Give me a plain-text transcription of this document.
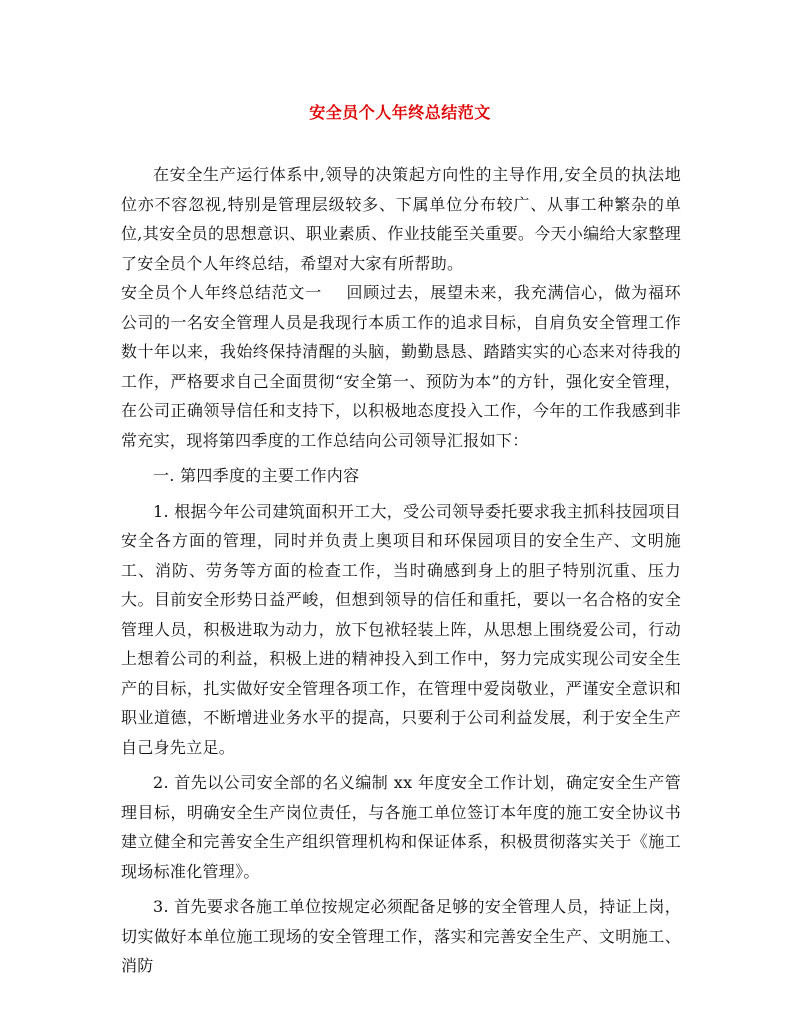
安全员个人年终总结范文

在安全生产运行体系中,领导的决策起方向性的主导作用,安全员的执法地位亦不容忽视,特别是管理层级较多、下属单位分布较广、从事工种繁杂的单位,其安全员的思想意识、职业素质、作业技能至关重要。今天小编给大家整理了安全员个人年终总结，希望对大家有所帮助。

安全员个人年终总结范文一 回顾过去，展望未来，我充满信心，做为福环公司的一名安全管理人员是我现行本质工作的追求目标，自肩负安全管理工作数十年以来，我始终保持清醒的头脑，勤勤恳恳、踏踏实实的心态来对待我的工作，严格要求自己全面贯彻“安全第一、预防为本”的方针，强化安全管理，在公司正确领导信任和支持下，以积极地态度投入工作，今年的工作我感到非常充实，现将第四季度的工作总结向公司领导汇报如下：

一. 第四季度的主要工作内容

1. 根据今年公司建筑面积开工大，受公司领导委托要求我主抓科技园项目安全各方面的管理，同时并负责上奥项目和环保园项目的安全生产、文明施工、消防、劳务等方面的检查工作，当时确感到身上的胆子特别沉重、压力大。目前安全形势日益严峻，但想到领导的信任和重托，要以一名合格的安全管理人员，积极进取为动力，放下包袱轻装上阵，从思想上围绕爱公司，行动上想着公司的利益，积极上进的精神投入到工作中，努力完成实现公司安全生产的目标，扎实做好安全管理各项工作，在管理中爱岗敬业，严谨安全意识和职业道德，不断增进业务水平的提高，只要利于公司利益发展，利于安全生产自己身先立足。

2. 首先以公司安全部的名义编制 xx 年度安全工作计划，确定安全生产管理目标，明确安全生产岗位责任，与各施工单位签订本年度的施工安全协议书建立健全和完善安全生产组织管理机构和保证体系，积极贯彻落实关于《施工现场标准化管理》。

3. 首先要求各施工单位按规定必须配备足够的安全管理人员，持证上岗，切实做好本单位施工现场的安全管理工作，落实和完善安全生产、文明施工、消防
